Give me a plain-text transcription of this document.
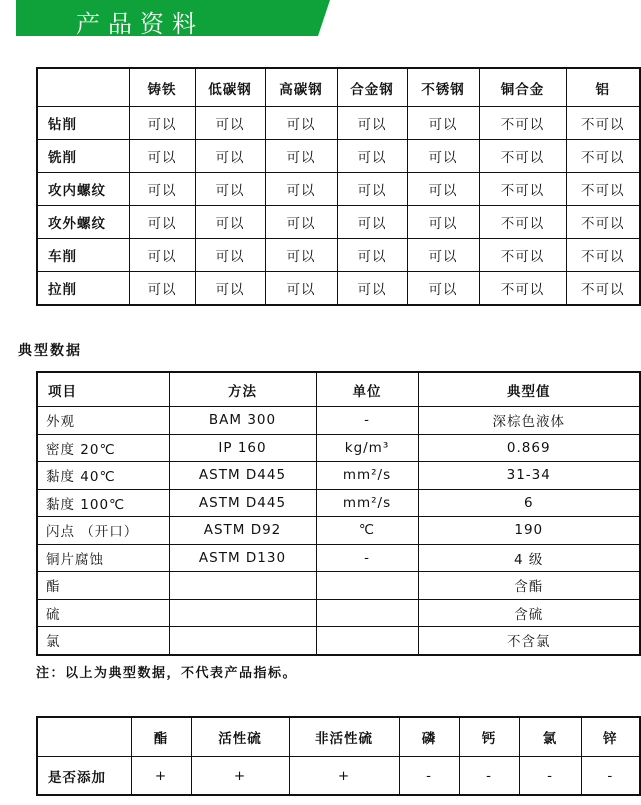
产品资料
	铸铁	低碳钢	高碳钢	合金钢	不锈钢	铜合金	铝
钻削	可以	可以	可以	可以	可以	不可以	不可以
铣削	可以	可以	可以	可以	可以	不可以	不可以
攻内螺纹	可以	可以	可以	可以	可以	不可以	不可以
攻外螺纹	可以	可以	可以	可以	可以	不可以	不可以
车削	可以	可以	可以	可以	可以	不可以	不可以
拉削	可以	可以	可以	可以	可以	不可以	不可以
典型数据
项目	方法	单位	典型值
外观	BAM 300	-	深棕色液体
密度 20℃	IP 160	kg/m³	0.869
黏度 40℃	ASTM D445	mm²/s	31-34
黏度 100℃	ASTM D445	mm²/s	6
闪点 （开口）	ASTM D92	℃	190
铜片腐蚀	ASTM D130	-	4 级
酯			含酯
硫			含硫
氯			不含氯
注：以上为典型数据，不代表产品指标。
	酯	活性硫	非活性硫	磷	钙	氯	锌
是否添加	+	+	+	-	-	-	-
